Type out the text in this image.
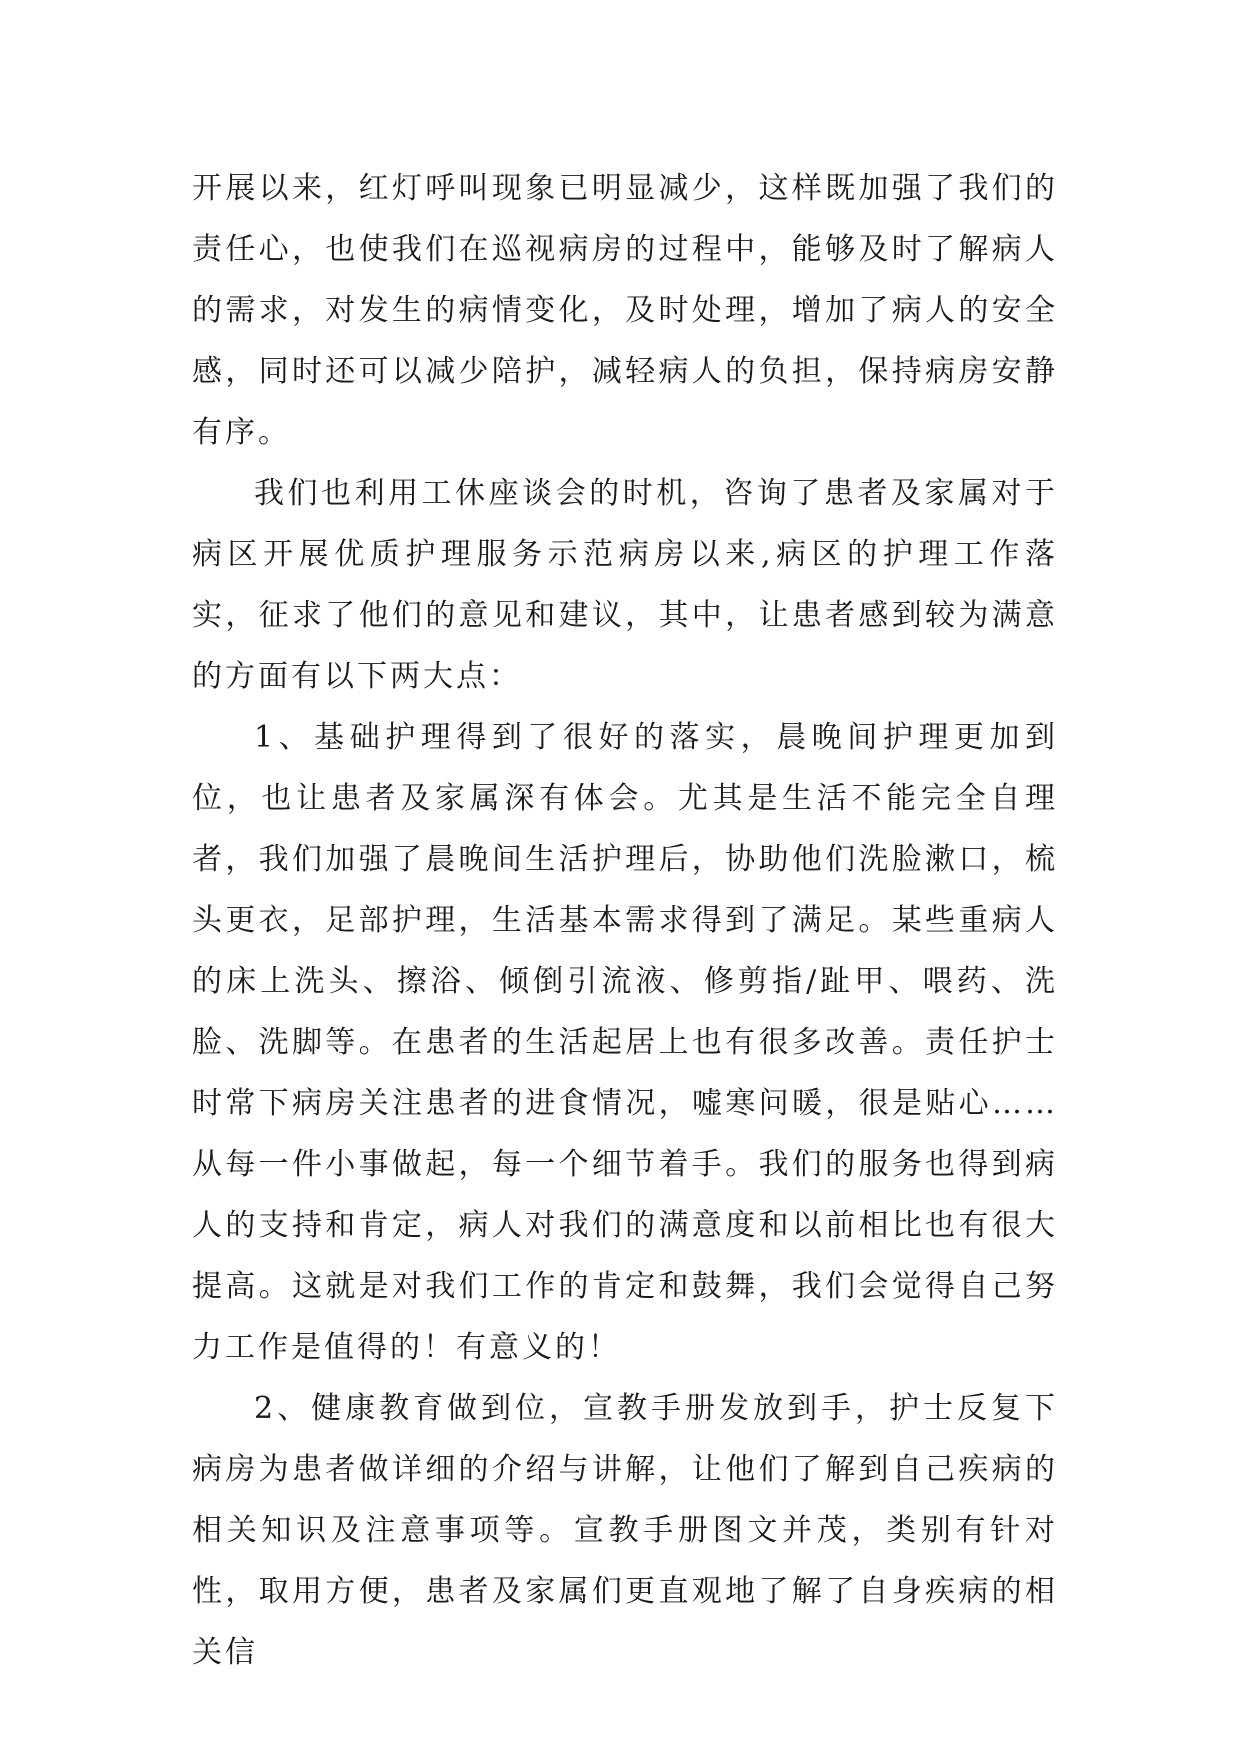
开展以来，红灯呼叫现象已明显减少，这样既加强了我们的责任心，也使我们在巡视病房的过程中，能够及时了解病人的需求，对发生的病情变化，及时处理，增加了病人的安全感，同时还可以减少陪护，减轻病人的负担，保持病房安静有序。

我们也利用工休座谈会的时机，咨询了患者及家属对于病区开展优质护理服务示范病房以来,病区的护理工作落实，征求了他们的意见和建议，其中，让患者感到较为满意的方面有以下两大点：

1、基础护理得到了很好的落实，晨晚间护理更加到位，也让患者及家属深有体会。尤其是生活不能完全自理者，我们加强了晨晚间生活护理后，协助他们洗脸漱口，梳头更衣，足部护理，生活基本需求得到了满足。某些重病人的床上洗头、擦浴、倾倒引流液、修剪指/趾甲、喂药、洗脸、洗脚等。在患者的生活起居上也有很多改善。责任护士时常下病房关注患者的进食情况，嘘寒问暖，很是贴心……从每一件小事做起，每一个细节着手。我们的服务也得到病人的支持和肯定，病人对我们的满意度和以前相比也有很大提高。这就是对我们工作的肯定和鼓舞，我们会觉得自己努力工作是值得的！有意义的！

2、健康教育做到位，宣教手册发放到手，护士反复下病房为患者做详细的介绍与讲解，让他们了解到自己疾病的相关知识及注意事项等。宣教手册图文并茂，类别有针对性，取用方便，患者及家属们更直观地了解了自身疾病的相关信
